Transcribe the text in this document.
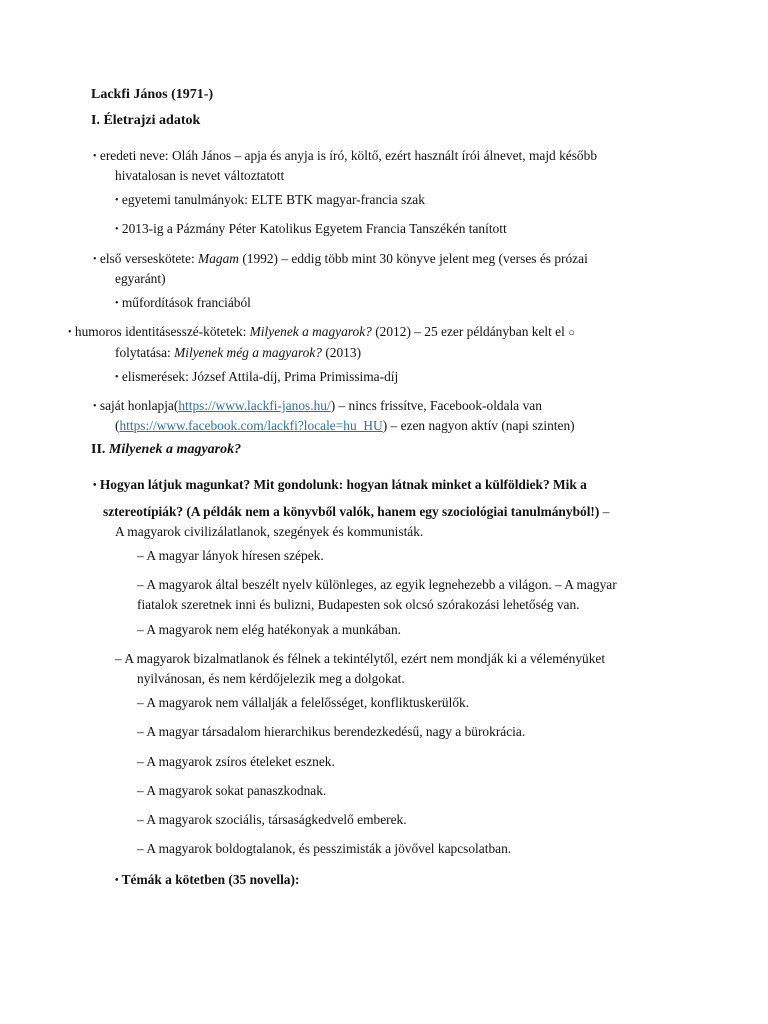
Lackfi János (1971-)
I. Életrajzi adatok
• eredeti neve: Oláh János – apja és anyja is író, költő, ezért használt írói álnevet, majd később
hivatalosan is nevet változtatott
• egyetemi tanulmányok: ELTE BTK magyar-francia szak
• 2013-ig a Pázmány Péter Katolikus Egyetem Francia Tanszékén tanított
• első verseskötete: Magam (1992) – eddig több mint 30 könyve jelent meg (verses és prózai
egyaránt)
• műfordítások franciából
• humoros identitásesszé-kötetek: Milyenek a magyarok? (2012) – 25 ezer példányban kelt el ○
folytatása: Milyenek még a magyarok? (2013)
• elismerések: József Attila-díj, Prima Primissima-díj
• saját honlapja(https://www.lackfi-janos.hu/) – nincs frissítve, Facebook-oldala van
(https://www.facebook.com/lackfi?locale=hu_HU) – ezen nagyon aktív (napi szinten)
II. Milyenek a magyarok?
• Hogyan látjuk magunkat? Mit gondolunk: hogyan látnak minket a külföldiek? Mik a
sztereotípiák? (A példák nem a könyvből valók, hanem egy szociológiai tanulmányból!) –
A magyarok civilizálatlanok, szegények és kommunisták.
– A magyar lányok híresen szépek.
– A magyarok által beszélt nyelv különleges, az egyik legnehezebb a világon. – A magyar
fiatalok szeretnek inni és bulizni, Budapesten sok olcsó szórakozási lehetőség van.
– A magyarok nem elég hatékonyak a munkában.
– A magyarok bizalmatlanok és félnek a tekintélytől, ezért nem mondják ki a véleményüket
nyilvánosan, és nem kérdőjelezik meg a dolgokat.
– A magyarok nem vállalják a felelősséget, konfliktuskerülők.
– A magyar társadalom hierarchikus berendezkedésű, nagy a bürokrácia.
– A magyarok zsíros ételeket esznek.
– A magyarok sokat panaszkodnak.
– A magyarok szociális, társaságkedvelő emberek.
– A magyarok boldogtalanok, és pesszimisták a jövővel kapcsolatban.
• Témák a kötetben (35 novella):
